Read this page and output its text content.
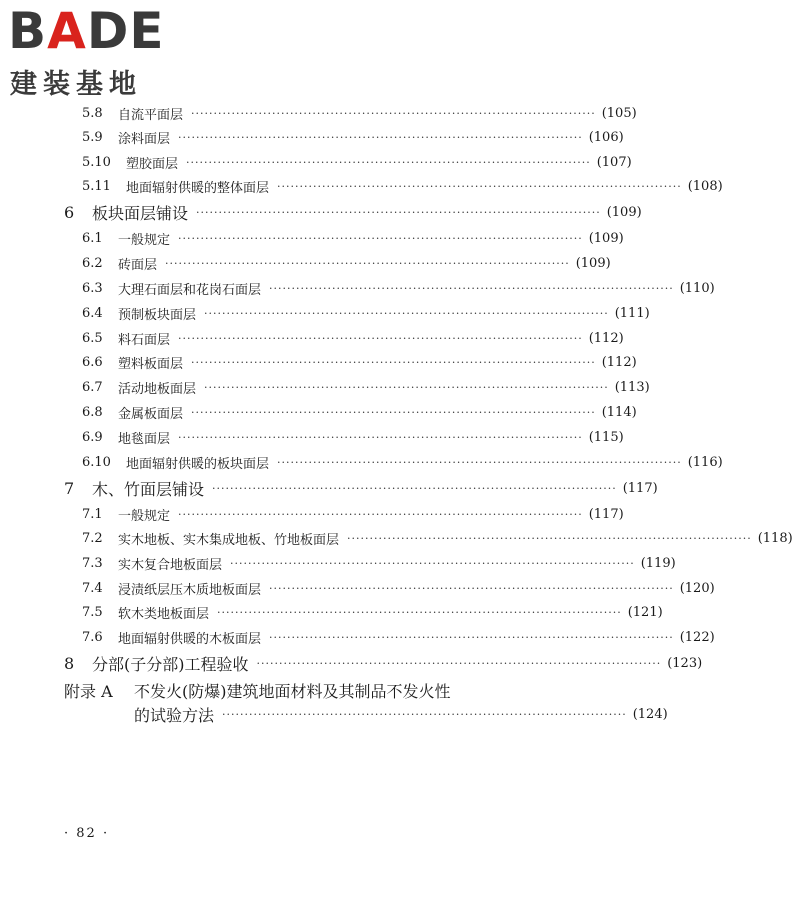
BADE
建装基地
5.8	自流平面层 ·························································································· (105)
5.9	涂料面层 ·························································································· (106)
5.10	塑胶面层 ·························································································· (107)
5.11	地面辐射供暖的整体面层 ·························································································· (108)
6	板块面层铺设 ·························································································· (109)
6.1	一般规定 ·························································································· (109)
6.2	砖面层 ·························································································· (109)
6.3	大理石面层和花岗石面层 ·························································································· (110)
6.4	预制板块面层 ·························································································· (111)
6.5	料石面层 ·························································································· (112)
6.6	塑料板面层 ·························································································· (112)
6.7	活动地板面层 ·························································································· (113)
6.8	金属板面层 ·························································································· (114)
6.9	地毯面层 ·························································································· (115)
6.10	地面辐射供暖的板块面层 ·························································································· (116)
7	木、竹面层铺设 ·························································································· (117)
7.1	一般规定 ·························································································· (117)
7.2	实木地板、实木集成地板、竹地板面层 ·························································································· (118)
7.3	实木复合地板面层 ·························································································· (119)
7.4	浸渍纸层压木质地板面层 ·························································································· (120)
7.5	软木类地板面层 ·························································································· (121)
7.6	地面辐射供暖的木板面层 ·························································································· (122)
8	分部(子分部)工程验收 ·························································································· (123)
附录 A	不发火(防爆)建筑地面材料及其制品不发火性
的试验方法 ·························································································· (124)
· 82 ·
